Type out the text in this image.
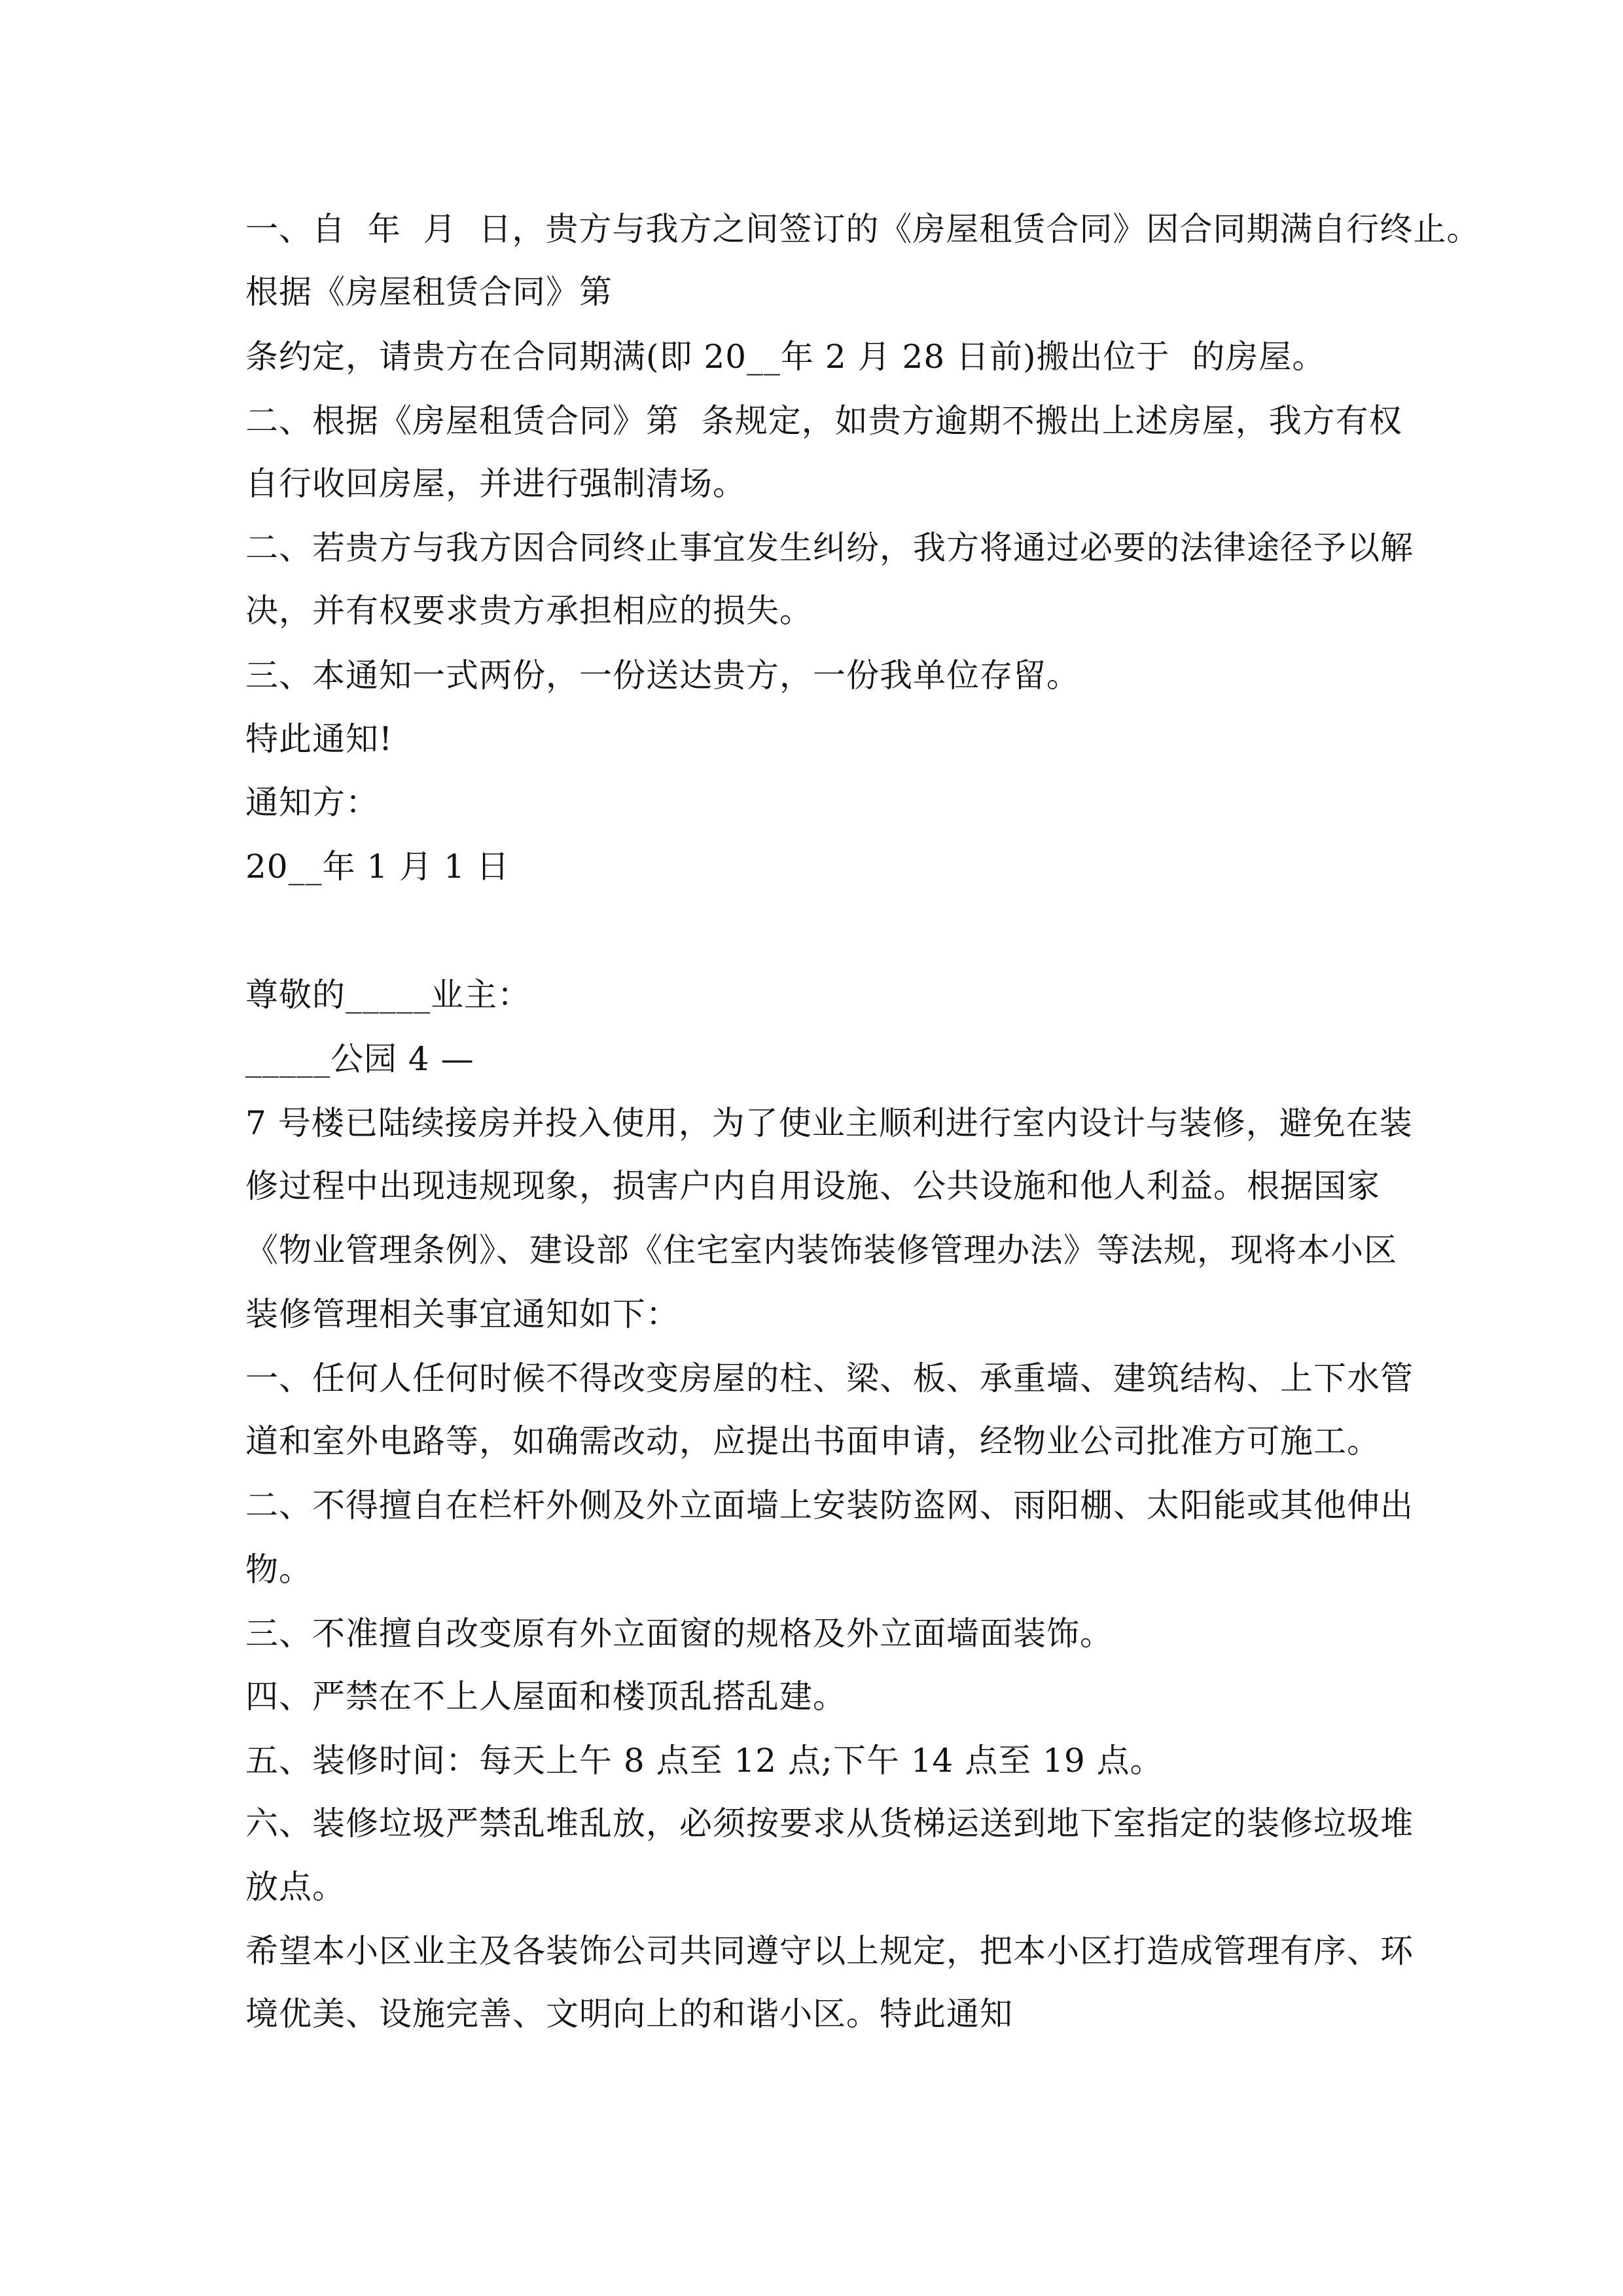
一、自  年  月  日，贵方与我方之间签订的《房屋租赁合同》因合同期满自行终止。
根据《房屋租赁合同》第
条约定，请贵方在合同期满(即 20__年 2 月 28 日前)搬出位于  的房屋。
二、根据《房屋租赁合同》第  条规定，如贵方逾期不搬出上述房屋，我方有权
自行收回房屋，并进行强制清场。
二、若贵方与我方因合同终止事宜发生纠纷，我方将通过必要的法律途径予以解
决，并有权要求贵方承担相应的损失。
三、本通知一式两份，一份送达贵方，一份我单位存留。
特此通知!
通知方：
20__年 1 月 1 日
尊敬的_____业主：
_____公园 4 —
7 号楼已陆续接房并投入使用，为了使业主顺利进行室内设计与装修，避免在装
修过程中出现违规现象，损害户内自用设施、公共设施和他人利益。根据国家
《物业管理条例》、建设部《住宅室内装饰装修管理办法》等法规，现将本小区
装修管理相关事宜通知如下：
一、任何人任何时候不得改变房屋的柱、梁、板、承重墙、建筑结构、上下水管
道和室外电路等，如确需改动，应提出书面申请，经物业公司批准方可施工。
二、不得擅自在栏杆外侧及外立面墙上安装防盗网、雨阳棚、太阳能或其他伸出
物。
三、不准擅自改变原有外立面窗的规格及外立面墙面装饰。
四、严禁在不上人屋面和楼顶乱搭乱建。
五、装修时间：每天上午 8 点至 12 点;下午 14 点至 19 点。
六、装修垃圾严禁乱堆乱放，必须按要求从货梯运送到地下室指定的装修垃圾堆
放点。
希望本小区业主及各装饰公司共同遵守以上规定，把本小区打造成管理有序、环
境优美、设施完善、文明向上的和谐小区。特此通知
